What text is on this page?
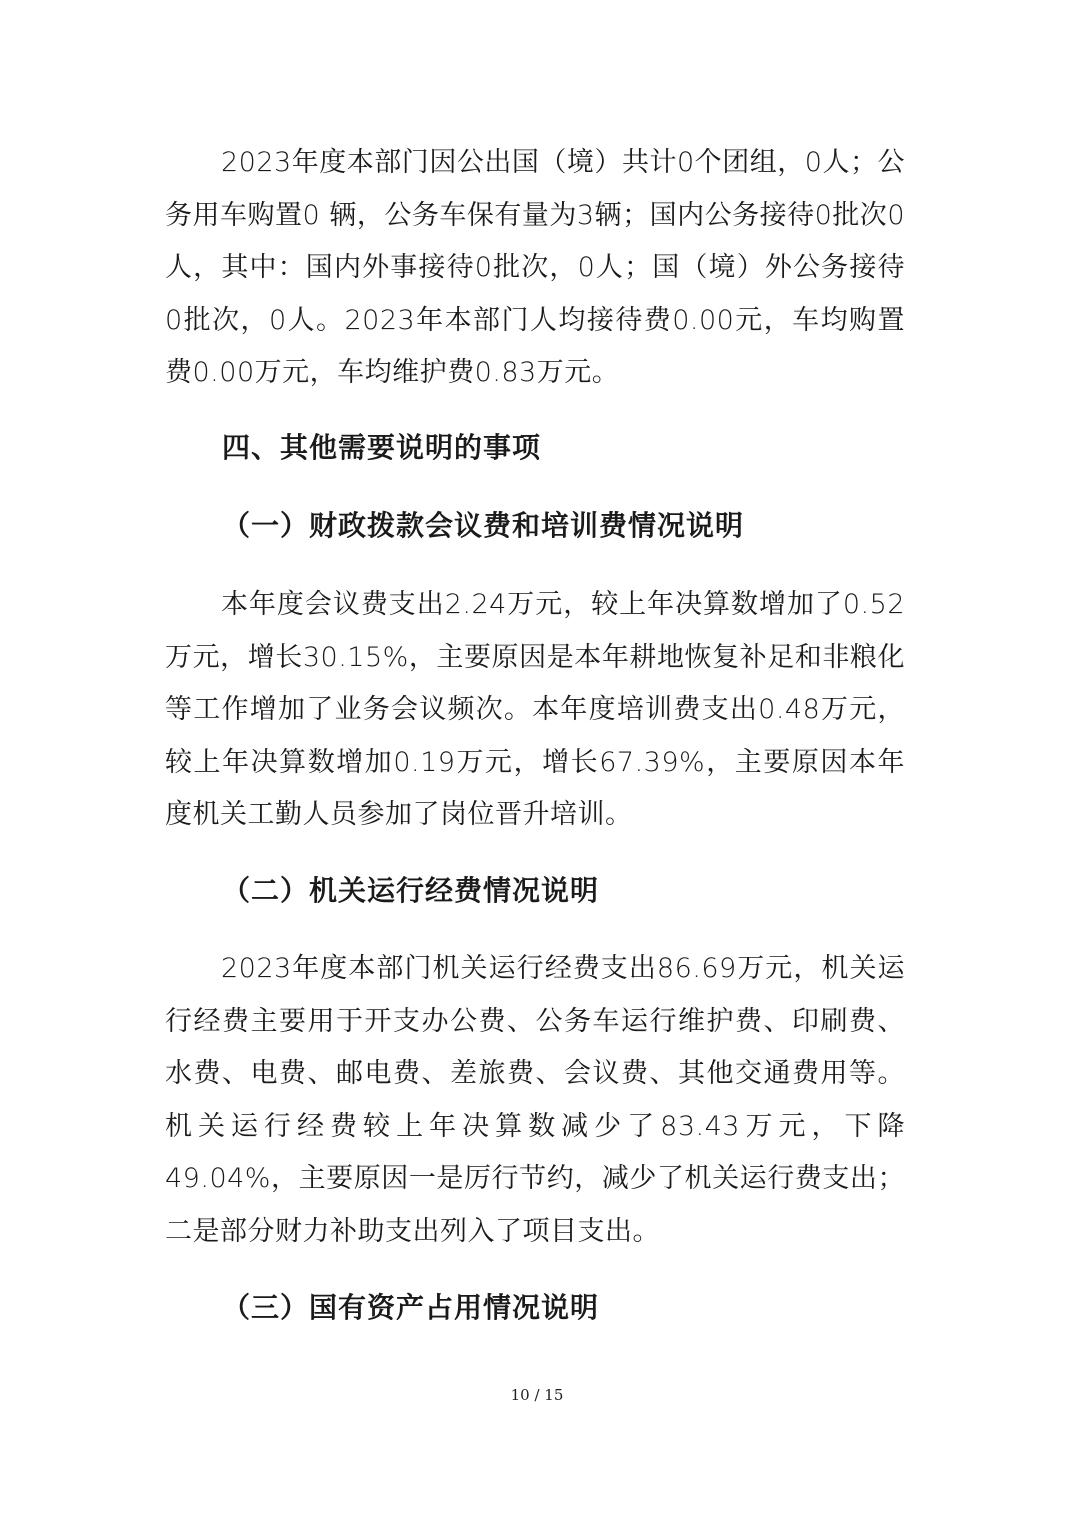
2023年度本部门因公出国（境）共计0个团组，0人；公务用车购置0 辆，公务车保有量为3辆；国内公务接待0批次0人，其中：国内外事接待0批次，0人；国（境）外公务接待0批次，0人。2023年本部门人均接待费0.00元，车均购置费0.00万元，车均维护费0.83万元。

四、其他需要说明的事项
（一）财政拨款会议费和培训费情况说明

本年度会议费支出2.24万元，较上年决算数增加了0.52万元，增长30.15%，主要原因是本年耕地恢复补足和非粮化等工作增加了业务会议频次。本年度培训费支出0.48万元，较上年决算数增加0.19万元，增长67.39%，主要原因本年度机关工勤人员参加了岗位晋升培训。

（二）机关运行经费情况说明

2023年度本部门机关运行经费支出86.69万元，机关运行经费主要用于开支办公费、公务车运行维护费、印刷费、水费、电费、邮电费、差旅费、会议费、其他交通费用等。 机关运行经费较上年决算数减少了83.43万元，下降49.04%，主要原因一是厉行节约，减少了机关运行费支出；二是部分财力补助支出列入了项目支出。

（三）国有资产占用情况说明
10 / 15
